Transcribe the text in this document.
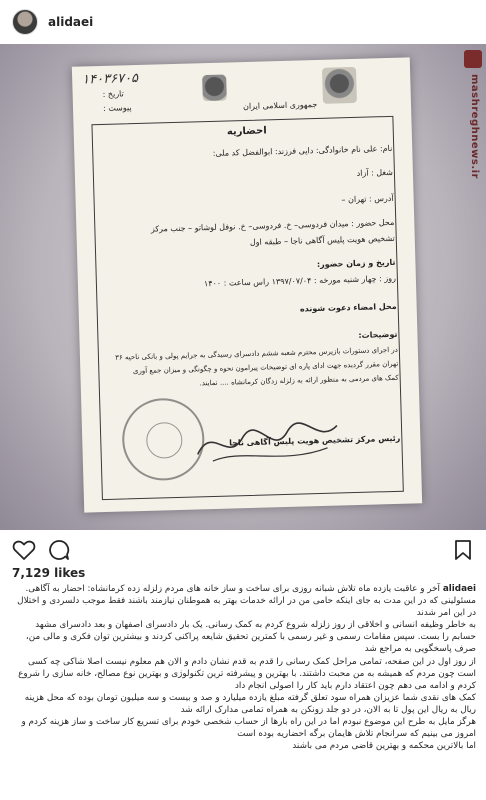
alidaei
mashreghnews.ir
۱۴۰۳۶۷۰۵
تاریخ :
پیوست :	جمهوری اسلامی ایران
احضاریه
نام: علی نام خانوادگی: دایی فرزند: ابوالفضل کد ملی:
شغل : آزاد
آدرس : تهران –
محل حضور : میدان فردوسی– خ. فردوسی– خ. نوفل لوشاتو – جنب مرکز
تشخیص هویت پلیس آگاهی ناجا – طبقه اول
تاریخ و زمان حضور:
روز : چهار شنبه مورخه : ۱۳۹۷/۰۷/۰۴ راس ساعت : ۱۴۰۰
محل امضاء دعوت شونده
توضیحات:
در اجرای دستورات بازپرس محترم شعبه ششم دادسرای رسیدگی به جرایم پولی و بانکی ناحیه ۳۶
تهران مقرر گردیده جهت ادای پاره ای توضیحات پیرامون نحوه و چگونگی و میزان جمع آوری
کمک های مردمی به منظور ارائه به زلزله زدگان کرمانشاه .... نمایند.
رئیس مرکز تشخیص هویت پلیس آگاهی ناجا
7,129 likes

alidaei آخر و عاقبت یازده ماه تلاش شبانه روزی برای ساخت و ساز خانه های مردم زلزله زده کرمانشاه: احضار به آگاهی. مسئولینی که در این مدت به جای اینکه حامی من در ارائه خدمات بهتر به هموطنان نیازمند باشند فقط موجب دلسردی و اختلال در این امر شدند

به خاطر وظیفه انسانی و اخلاقی از روز زلزله شروع کردم به کمک رسانی. یک بار دادسرای اصفهان و بعد دادسرای مشهد حسابم را بست. سپس مقامات رسمی و غیر رسمی با کمترین تحقیق شایعه پراکنی کردند و بیشترین توان فکری و مالی من، صرف پاسخگویی به مراجع شد

از روز اول در این صفحه، تمامی مراحل کمک رسانی را قدم به قدم نشان دادم و الان هم معلوم نیست اصلا شاکی چه کسی است چون مردم که همیشه به من محبت داشتند. با بهترین و پیشرفته ترین تکنولوژی و بهترین نوع مصالح، خانه سازی را شروع کردم و ادامه می دهم چون اعتقاد دارم باید کار را اصولی انجام داد

کمک های نقدی شما عزیزان همراه سود تعلق گرفته مبلغ یازده میلیارد و صد و بیست و سه میلیون تومان بوده که محل هزینه ریال به ریال این پول تا به الان، در دو جلد زونکن به همراه تمامی مدارک ارائه شد

هرگز مایل به طرح این موضوع نبودم اما در این راه بارها از حساب شخصی خودم برای تسریع کار ساخت و ساز هزینه کردم و امروز می بینیم که سرانجام تلاش هایمان برگه احضاریه بوده است

اما بالاترین محکمه و بهترین قاضی مردم می باشند
